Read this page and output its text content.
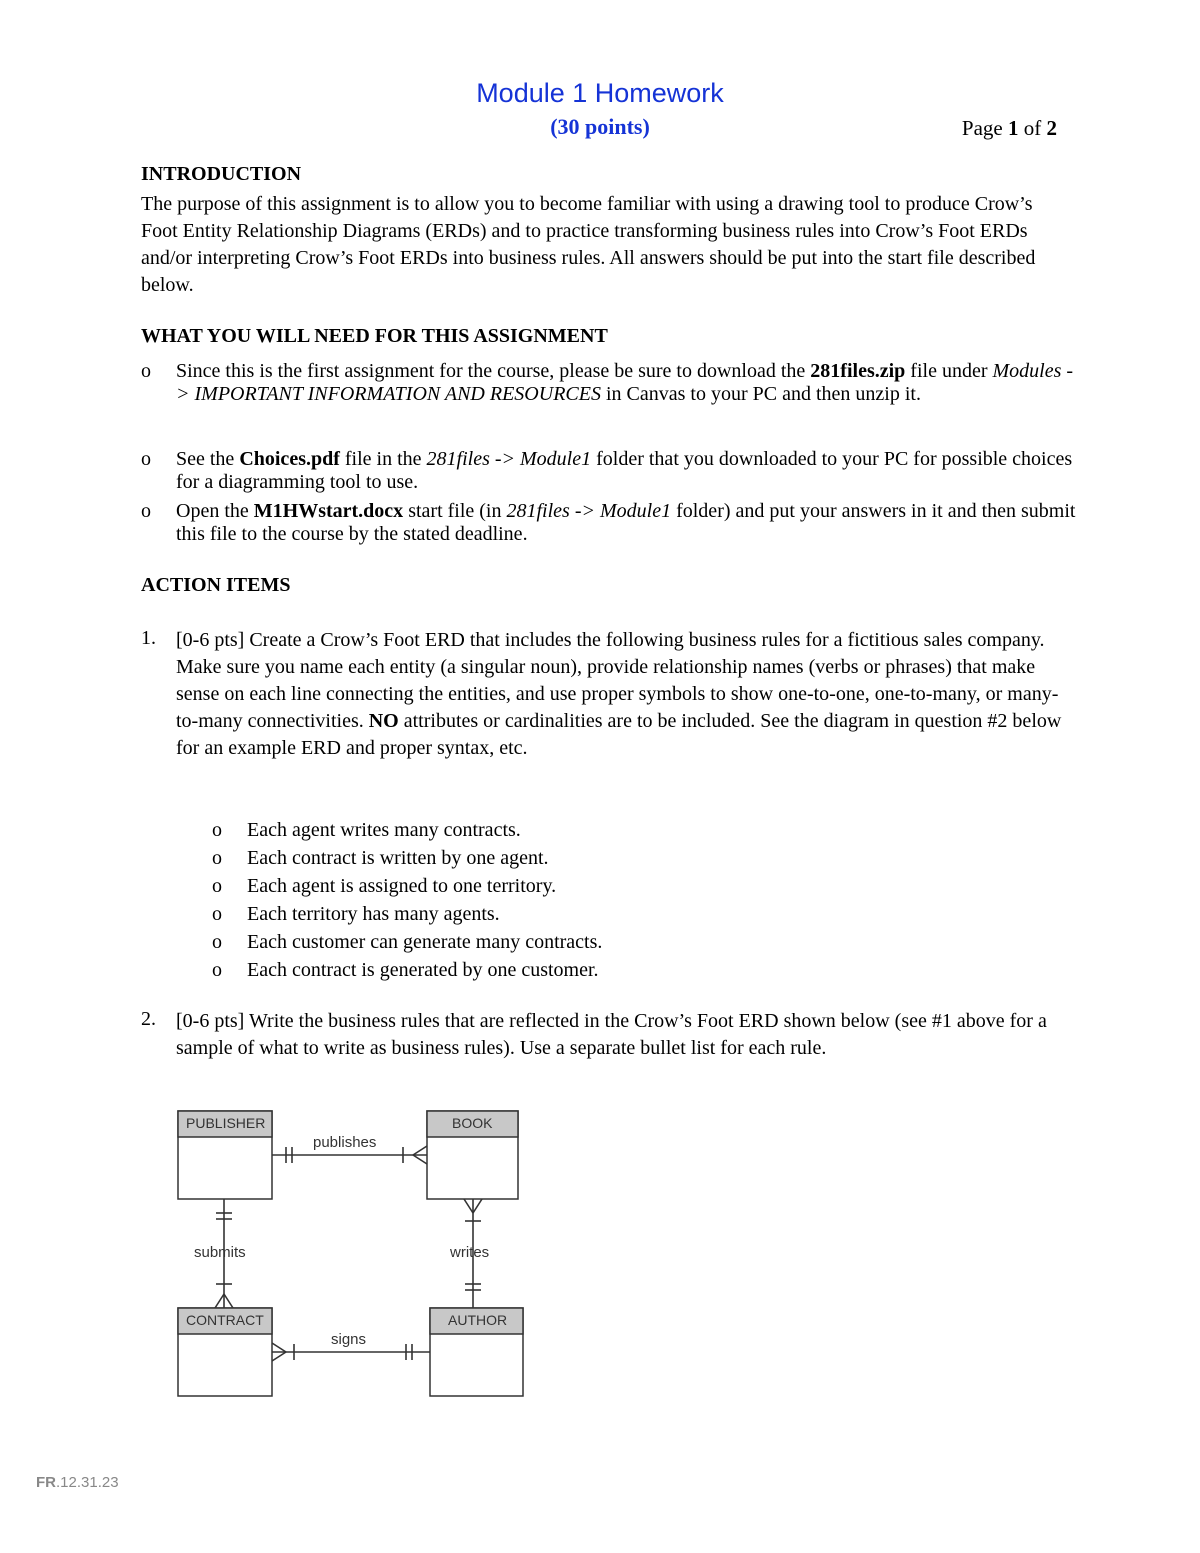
Module 1 Homework
(30 points)	Page 1 of 2
INTRODUCTION
The purpose of this assignment is to allow you to become familiar with using a drawing tool to produce Crow’s Foot Entity Relationship Diagrams (ERDs) and to practice transforming business rules into Crow’s Foot ERDs and/or interpreting Crow’s Foot ERDs into business rules. All answers should be put into the start file described below.
WHAT YOU WILL NEED FOR THIS ASSIGNMENT
o Since this is the first assignment for the course, please be sure to download the 281files.zip file under Modules -> IMPORTANT INFORMATION AND RESOURCES in Canvas to your PC and then unzip it.
o See the Choices.pdf file in the 281files -> Module1 folder that you downloaded to your PC for possible choices for a diagramming tool to use.
o Open the M1HWstart.docx start file (in 281files -> Module1 folder) and put your answers in it and then submit this file to the course by the stated deadline.
ACTION ITEMS
1. [0-6 pts] Create a Crow’s Foot ERD that includes the following business rules for a fictitious sales company. Make sure you name each entity (a singular noun), provide relationship names (verbs or phrases) that make sense on each line connecting the entities, and use proper symbols to show one-to-one, one-to-many, or many-to-many connectivities. NO attributes or cardinalities are to be included. See the diagram in question #2 below for an example ERD and proper syntax, etc.
o Each agent writes many contracts.
o Each contract is written by one agent.
o Each agent is assigned to one territory.
o Each territory has many agents.
o Each customer can generate many contracts.
o Each contract is generated by one customer.
2. [0-6 pts] Write the business rules that are reflected in the Crow’s Foot ERD shown below (see #1 above for a sample of what to write as business rules). Use a separate bullet list for each rule.
PUBLISHER	BOOK
CONTRACT	AUTHOR
publishes
submits	writes
signs
FR.12.31.23
